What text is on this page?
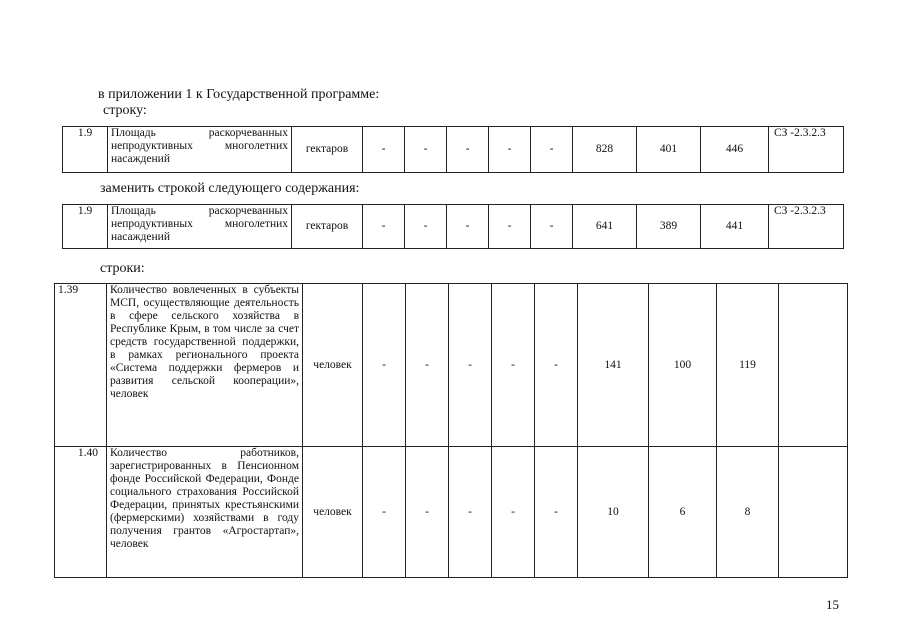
в приложении 1 к Государственной программе:
строку:
1.9	Площадь раскорчеванных непродуктивных многолетних насаждений	гектаров	-	-	-	-	-	828	401	446	СЗ -2.3.2.3
заменить строкой следующего содержания:
1.9	Площадь раскорчеванных непродуктивных многолетних насаждений	гектаров	-	-	-	-	-	641	389	441	СЗ -2.3.2.3
строки:
1.39	Количество вовлеченных в субъекты МСП, осуществляющие деятельность в сфере сельского хозяйства в Республике Крым, в том числе за счет средств государственной поддержки, в рамках регионального проекта «Система поддержки фермеров и развития сельской кооперации», человек	человек	-	-	-	-	-	141	100	119	
1.40	Количество работников, зарегистрированных в Пенсионном фонде Российской Федерации, Фонде социального страхования Российской Федерации, принятых крестьянскими (фермерскими) хозяйствами в году получения грантов «Агростартап», человек	человек	-	-	-	-	-	10	6	8	
15
